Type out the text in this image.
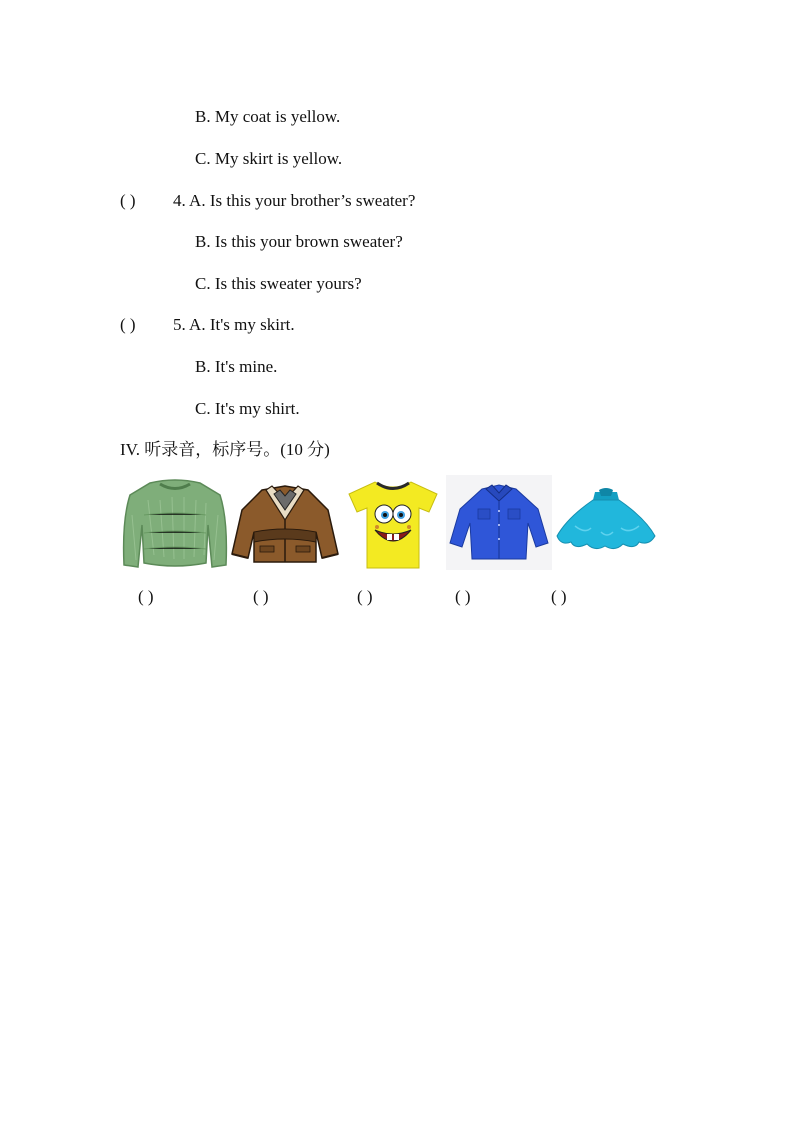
B. My coat is yellow.
C. My skirt is yellow.
( ) 4. A. Is this your brother’s sweater?
B. Is this your brown sweater?
C. Is this sweater yours?
( ) 5. A. It's my skirt.
B. It's mine.
C. It's my shirt.
IV. 听录音，标序号。(10 分)
( )	( )	( )	( )	( )
